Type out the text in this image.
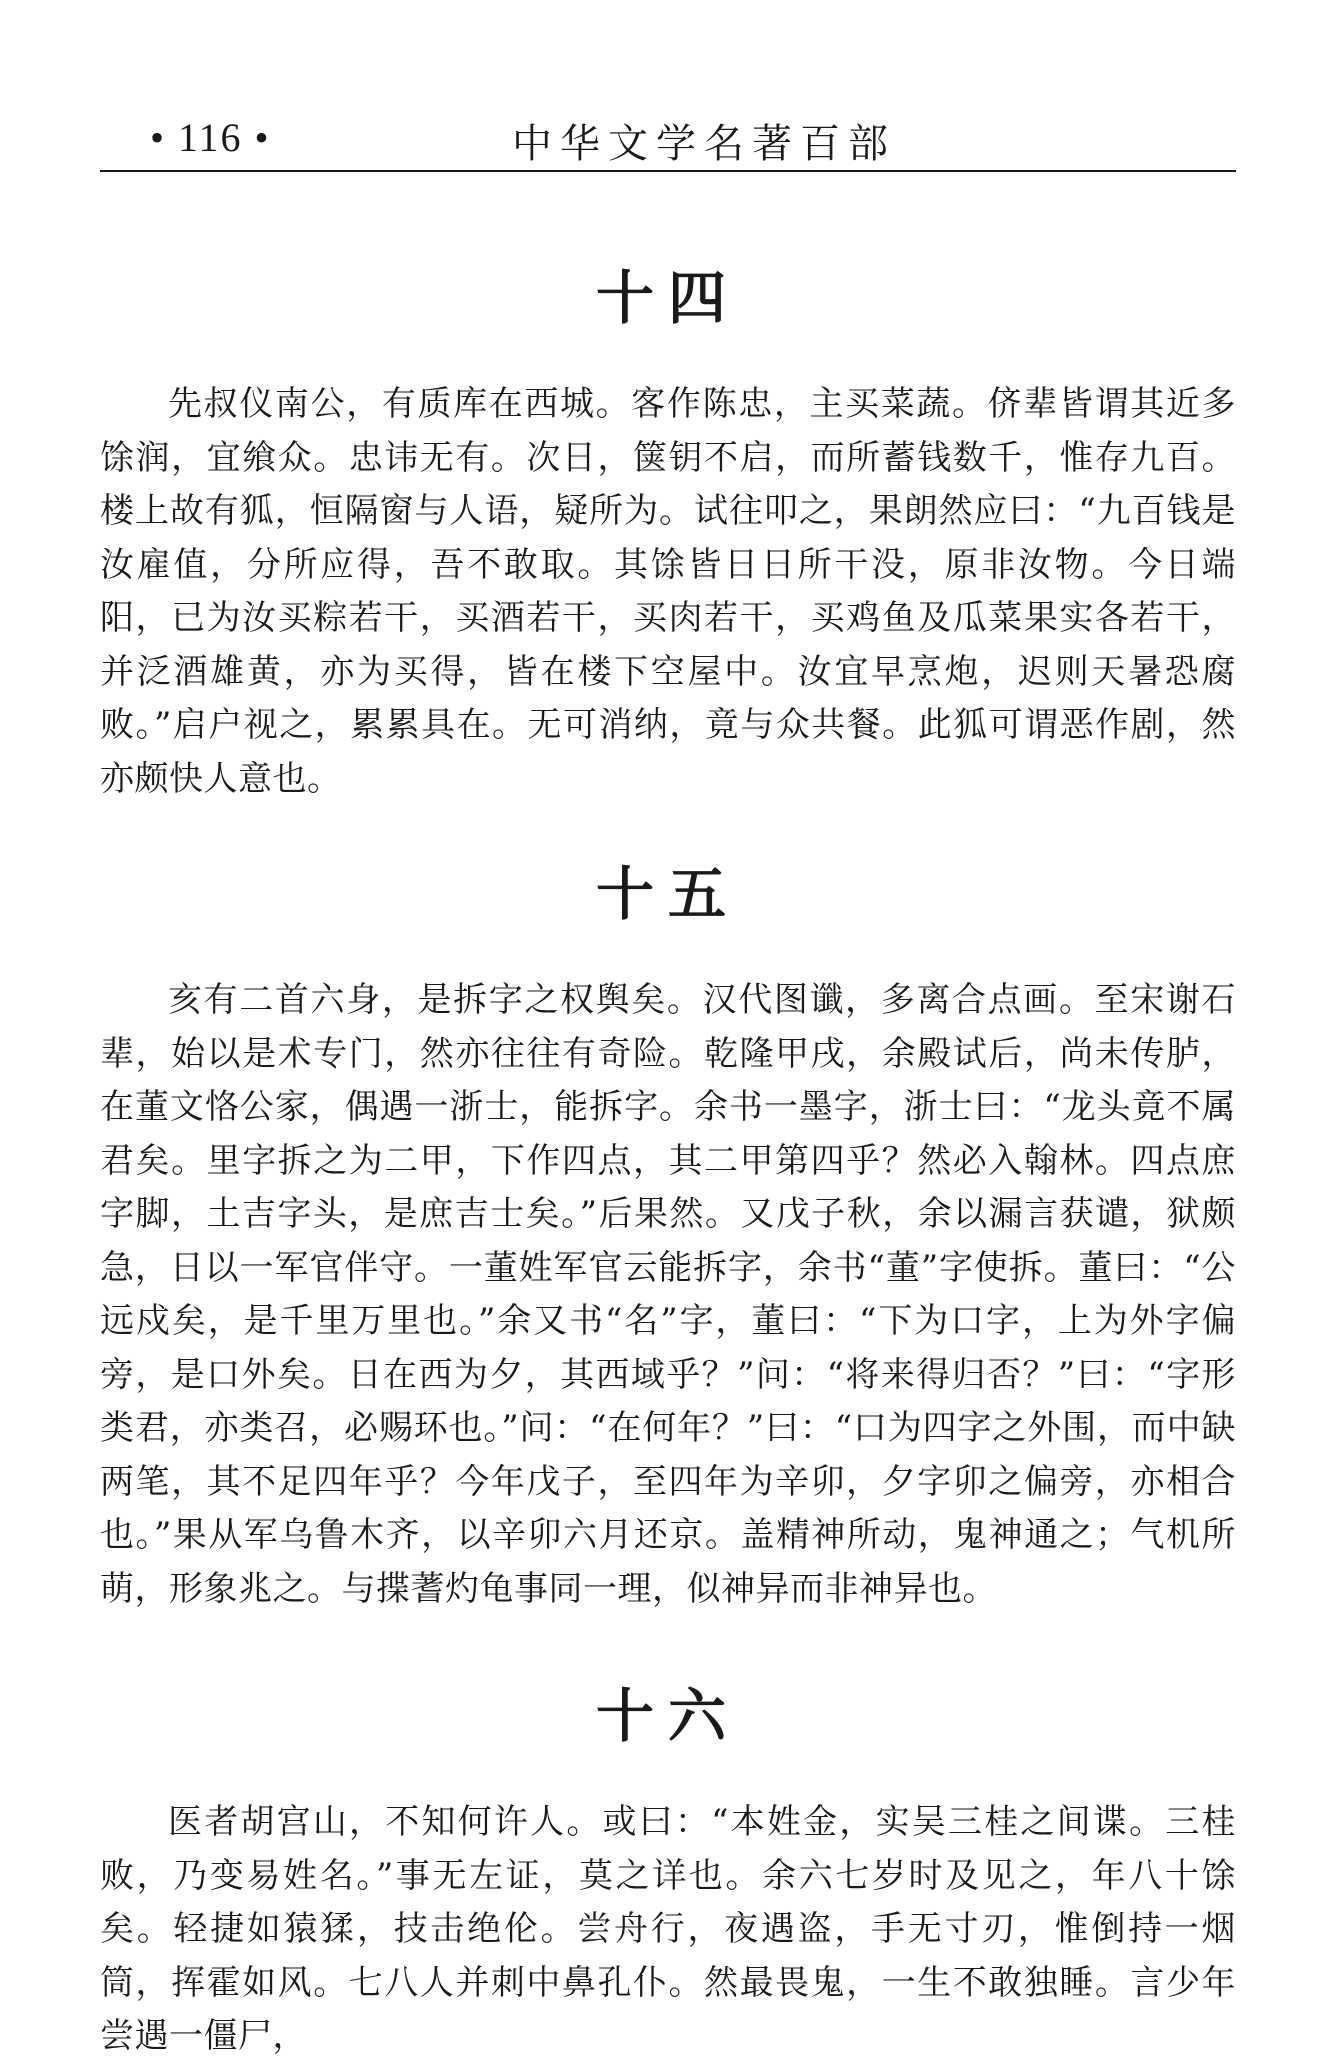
• 116 •	中华文学名著百部
十四

先叔仪南公，有质库在西城。客作陈忠，主买菜蔬。侪辈皆谓其近多馀润，宜飨众。忠讳无有。次日，箧钥不启，而所蓄钱数千，惟存九百。楼上故有狐，恒隔窗与人语，疑所为。试往叩之，果朗然应曰：“九百钱是汝雇值，分所应得，吾不敢取。其馀皆日日所干没，原非汝物。今日端阳，已为汝买粽若干，买酒若干，买肉若干，买鸡鱼及瓜菜果实各若干，并泛酒雄黄，亦为买得，皆在楼下空屋中。汝宜早烹炮，迟则天暑恐腐败。”启户视之，累累具在。无可消纳，竟与众共餐。此狐可谓恶作剧，然亦颇快人意也。

十五

亥有二首六身，是拆字之权舆矣。汉代图谶，多离合点画。至宋谢石辈，始以是术专门，然亦往往有奇险。乾隆甲戌，余殿试后，尚未传胪，在董文恪公家，偶遇一浙士，能拆字。余书一墨字，浙士曰：“龙头竟不属君矣。里字拆之为二甲，下作四点，其二甲第四乎？然必入翰林。四点庶字脚，土吉字头，是庶吉士矣。”后果然。又戊子秋，余以漏言获谴，狱颇急，日以一军官伴守。一董姓军官云能拆字，余书“董”字使拆。董曰：“公远戍矣，是千里万里也。”余又书“名”字，董曰：“下为口字，上为外字偏旁，是口外矣。日在西为夕，其西域乎？”问：“将来得归否？”曰：“字形类君，亦类召，必赐环也。”问：“在何年？”曰：“口为四字之外围，而中缺两笔，其不足四年乎？今年戊子，至四年为辛卯，夕字卯之偏旁，亦相合也。”果从军乌鲁木齐，以辛卯六月还京。盖精神所动，鬼神通之；气机所萌，形象兆之。与揲蓍灼龟事同一理，似神异而非神异也。

十六

医者胡宫山，不知何许人。或曰：“本姓金，实吴三桂之间谍。三桂败，乃变易姓名。”事无左证，莫之详也。余六七岁时及见之，年八十馀矣。轻捷如猿猱，技击绝伦。尝舟行，夜遇盗，手无寸刃，惟倒持一烟筒，挥霍如风。七八人并刺中鼻孔仆。然最畏鬼，一生不敢独睡。言少年尝遇一僵尸，
